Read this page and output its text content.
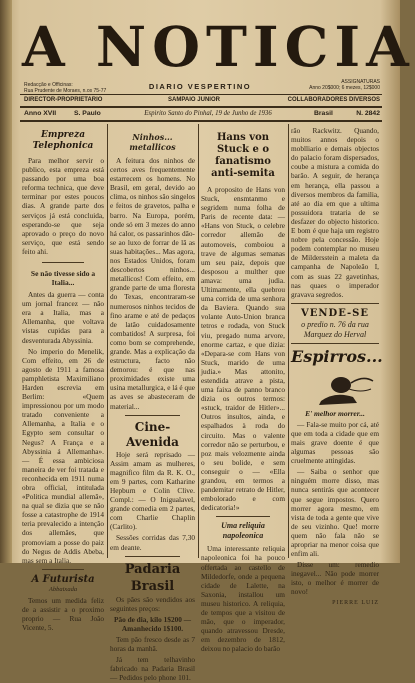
A NOTICIA
Redacção e Officinas:
Rua Prudente de Moraes, n.os 75-77	DIARIO VESPERTINO	ASSIGNATURAS
Anno 20$000; 6 mezes, 12$000
DIRECTOR-PROPRIETARIO	SAMPAIO JUNIOR	COLLABORADORES DIVERSOS
Anno XVII	S. Paulo	Espirito Santo do Pinhal, 19 de Junho de 1936	Brasil	N. 2842
Empreza Telephonica

Para melhor servir o publico, esta empreza está passando por uma boa reforma technica, que deve terminar por estes poucos dias. A grande parte dos serviços já está concluida, esperando-se que seja aprovado o preço do novo serviço, que está sendo feito ahi.

Se não tivesse sido a Italia...

Antes da guerra — conta um jornal francez — não era a Italia, mas a Allemanha, que voltava vistas cupidas para a desventurada Abyssinia.

No imperio do Menelik, Com effeito, em 26 de agosto de 1911 a famosa pamphletista Maximiliano Harden escrevia em Berlim: «Quem impressionou por um modo tratado conveniente a Allemanha, a Italia e o Egypto sem consultar o Negus? A França e a Abyssinia á Allemanha». — É essa ambiciosa maneira de ver foi tratada e reconhecida em 1911 numa obra official, intitulada «Politica mundial allemã», na qual se dizia que se não fosse a catastrophe de 1914 teria prevalecido a intenção dos allemães, que promoviam a posse do paiz do Negus de Addis Abeba, mas sem a Italia.

A Futurista
Abbaixada

Temos um medida feliz de a assistir a o proximo proprio — Rua João Vicente, 5.

Ninhos... metallicos

A feitura dos ninhos de certos aves frequentemente estarrecem os homens. No Brasil, em geral, devido ao clima, os ninhos são singelos e feitos de gravetos, palha e barro. Na Europa, porém, onde só em 3 mezes do anno há calor, os passarinhos dão-se ao luxo de forrar de lã as suas habitações... Mas agora, nos Estados Unidos, foram descobertos ninhos... metallicos! Com effeito, em grande parte de uma floresta do Texas, encontraram-se numerosos ninhos tecidos de fino arame e até de pedaços de latão cuidadosamente combatidos! A surpresa, foi como bom se comprehende, grande. Mas a explicação da estructura, facto não demorou: é que nas proximidades existe uma usina metallurgica, e lá é que as aves se abasteceram de material...

Cine-Avenida

Hoje será reprisado — Assim amam as mulheres, magnifico film da R. K. O., em 9 partes, com Katharine Hepburn e Colin Clive. Compl.: — O Inigualavel, grande comedia em 2 partes, com Charlie Chaplin (Carlito).

Sessões corridas das 7,30 em deante.

Padaria Brasil

Os pães são vendidos aos seguintes preços:

Pão de dia, kilo 1$200 — Amanhecido 1$100.

Tem pão fresco desde as 7 horas da manhã.

Já tem telhavinho fabricado na Padaria Brasil — Pedidos pelo phone 101.

Hans von Stuck e o fanatismo anti-semita

A proposito de Hans von Stuck, ensmtanmo e segridem numa folha de Paris de recente data: — «Hans von Stuck, o celebre corredor allemão de automoveis, comboiou a trave de algumas semanas um seu paiz, depois que desposou a multher que amava: uma judia. Ultimamente, ella quebrou uma corrida de uma senhora da Baviera. Quando sua volante Auto-Union branca tetros e rodada, von Stuck viu, pregado numa arvore, enorme cartaz, e que dizia: «Depara-se com Hans von Stuck, marido de uma judia.» Mas attonito, estendida atrave a pista, uma faixa de panno branco dizia os outros termos: «stuck, traidor de Hitler»... Outros insultos, ainda, e espalhados à roda do circuito. Mas o valente corredor não se perturbou, e poz mais velozmente ainda o seu bolide, e sem conseguir o — «Ella grandou, em termos a pandemitar retrato de Hitler, embolorado e com dedicatoria!»

Uma reliquia napoleonica

Uma interessante reliquia napoleonica foi ha pouco offertada ao castello de Mildedorfe, onde a pequena cidade de Lalette, na Saxonia, installou um museu historico. A reliquia, de tempos que a visitou de mão, que o imperador, quando atravessou Dresde, em dezembro de 1812, deixou no palacio do barão

rão Rackwitz. Quando, muitos annos depois o moblliario e demais objectos do palacio foram dispersados, coube a mistura a comida do barão. A seguir, de herança em herança, ella passou a diversos membros da familia, até ao dia em que a ultima possuidora trataria de se desfazer do objecto historico. E bom é que haja um registro nobre pela concessão. Hoje podem contemplar no museu de Mildersstein a maleta da campanha de Napoleão I, com as suas 22 gavetinhas, nas quaes o imperador gravava segredos.

VENDE-SE
o predio n. 76 da rua
Marquez do Herval
Espirros...
E' melhor morrer...

— Fala-se muito por cá, até que em toda a cidade que em mais grave doente é que algumas pessoas são cruelmente attingidas.

— Saiba o senhor que ninguém morre disso, mas nunca sentirás que acontecer que segue impostos. Quero morrer agora mesmo, em vista de toda a gente que vive de seu vizinho. Que! morre quem não fala não se apropriar na menor coisa que enfim ali.

Disse um: remedio inegavel... Não pode morrer isto, o melhor é morrer de novo!

PIERRE LUIZ
